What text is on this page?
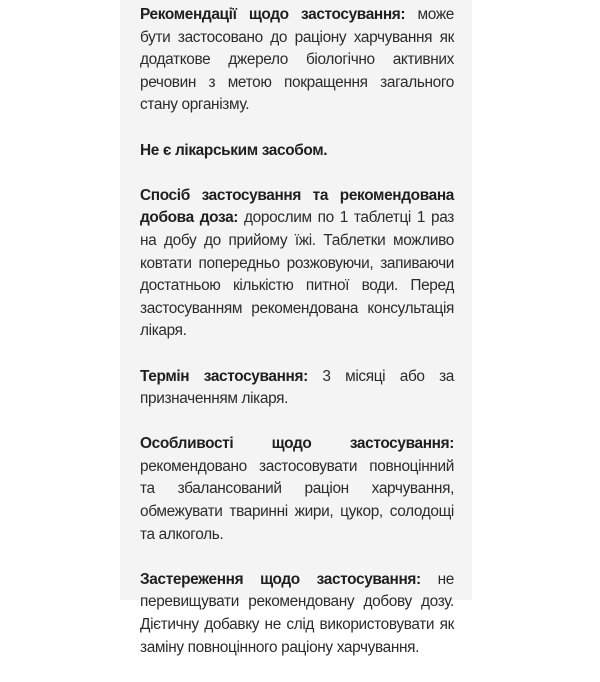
Рекомендації щодо застосування: може бути застосовано до раціону харчування як додаткове джерело біологічно активних речовин з метою покращення загального стану організму.

Не є лікарським засобом.

Спосіб застосування та рекомендована добова доза: дорослим по 1 таблетці 1 раз на добу до прийому їжі. Таблетки можливо ковтати попередньо розжовуючи, запиваючи достатньою кількістю питної води. Перед застосуванням рекомендована консультація лікаря.

Термін застосування: 3 місяці або за призначенням лікаря.

Особливості щодо застосування: рекомендовано застосовувати повноцінний та збалансований раціон харчування, обмежувати тваринні жири, цукор, солодощі та алкоголь.

Застереження щодо застосування: не перевищувати рекомендовану добову дозу. Дієтичну добавку не слід використовувати як заміну повноцінного раціону харчування.
